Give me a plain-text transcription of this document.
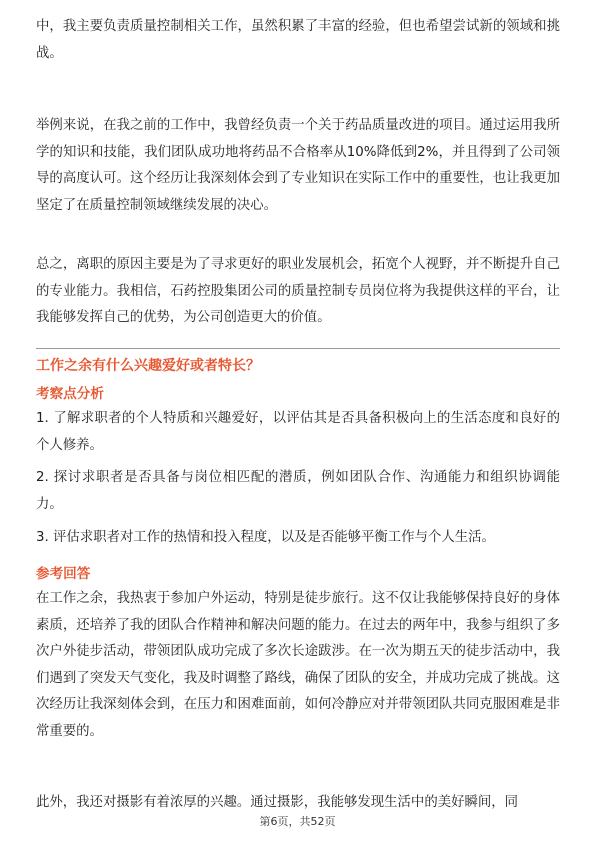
中，我主要负责质量控制相关工作，虽然积累了丰富的经验，但也希望尝试新的领域和挑战。

举例来说，在我之前的工作中，我曾经负责一个关于药品质量改进的项目。通过运用我所学的知识和技能，我们团队成功地将药品不合格率从10%降低到2%，并且得到了公司领导的高度认可。这个经历让我深刻体会到了专业知识在实际工作中的重要性，也让我更加坚定了在质量控制领域继续发展的决心。

总之，离职的原因主要是为了寻求更好的职业发展机会，拓宽个人视野，并不断提升自己的专业能力。我相信，石药控股集团公司的质量控制专员岗位将为我提供这样的平台，让我能够发挥自己的优势，为公司创造更大的价值。

工作之余有什么兴趣爱好或者特长？

考察点分析

1. 了解求职者的个人特质和兴趣爱好，以评估其是否具备积极向上的生活态度和良好的个人修养。

2. 探讨求职者是否具备与岗位相匹配的潜质，例如团队合作、沟通能力和组织协调能力。

3. 评估求职者对工作的热情和投入程度，以及是否能够平衡工作与个人生活。

参考回答

在工作之余，我热衷于参加户外运动，特别是徒步旅行。这不仅让我能够保持良好的身体素质，还培养了我的团队合作精神和解决问题的能力。在过去的两年中，我参与组织了多次户外徒步活动，带领团队成功完成了多次长途跋涉。在一次为期五天的徒步活动中，我们遇到了突发天气变化，我及时调整了路线，确保了团队的安全，并成功完成了挑战。这次经历让我深刻体会到，在压力和困难面前，如何冷静应对并带领团队共同克服困难是非常重要的。

此外，我还对摄影有着浓厚的兴趣。通过摄影，我能够发现生活中的美好瞬间，同

第6页，共52页
